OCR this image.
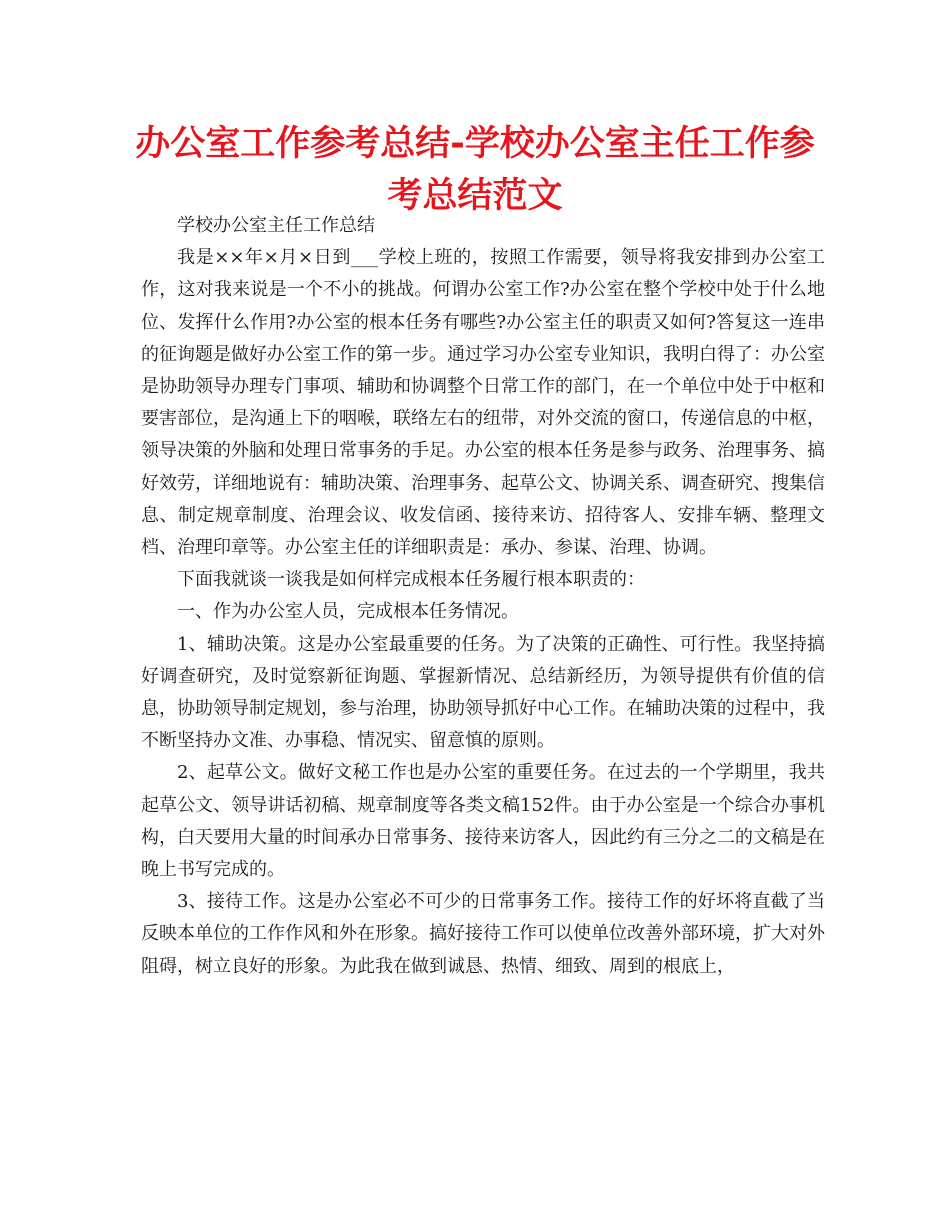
办公室工作参考总结-学校办公室主任工作参考总结范文

学校办公室主任工作总结

我是××年×月×日到___学校上班的，按照工作需要，领导将我安排到办公室工作，这对我来说是一个不小的挑战。何谓办公室工作?办公室在整个学校中处于什么地位、发挥什么作用?办公室的根本任务有哪些?办公室主任的职责又如何?答复这一连串的征询题是做好办公室工作的第一步。通过学习办公室专业知识，我明白得了：办公室是协助领导办理专门事项、辅助和协调整个日常工作的部门，在一个单位中处于中枢和要害部位，是沟通上下的咽喉，联络左右的纽带，对外交流的窗口，传递信息的中枢，领导决策的外脑和处理日常事务的手足。办公室的根本任务是参与政务、治理事务、搞好效劳，详细地说有：辅助决策、治理事务、起草公文、协调关系、调查研究、搜集信息、制定规章制度、治理会议、收发信函、接待来访、招待客人、安排车辆、整理文档、治理印章等。办公室主任的详细职责是：承办、参谋、治理、协调。

下面我就谈一谈我是如何样完成根本任务履行根本职责的：

一、作为办公室人员，完成根本任务情况。

1、辅助决策。这是办公室最重要的任务。为了决策的正确性、可行性。我坚持搞好调查研究，及时觉察新征询题、掌握新情况、总结新经历，为领导提供有价值的信息，协助领导制定规划，参与治理，协助领导抓好中心工作。在辅助决策的过程中，我不断坚持办文准、办事稳、情况实、留意慎的原则。

2、起草公文。做好文秘工作也是办公室的重要任务。在过去的一个学期里，我共起草公文、领导讲话初稿、规章制度等各类文稿152件。由于办公室是一个综合办事机构，白天要用大量的时间承办日常事务、接待来访客人，因此约有三分之二的文稿是在晚上书写完成的。

3、接待工作。这是办公室必不可少的日常事务工作。接待工作的好坏将直截了当反映本单位的工作作风和外在形象。搞好接待工作可以使单位改善外部环境，扩大对外阻碍，树立良好的形象。为此我在做到诚恳、热情、细致、周到的根底上，
